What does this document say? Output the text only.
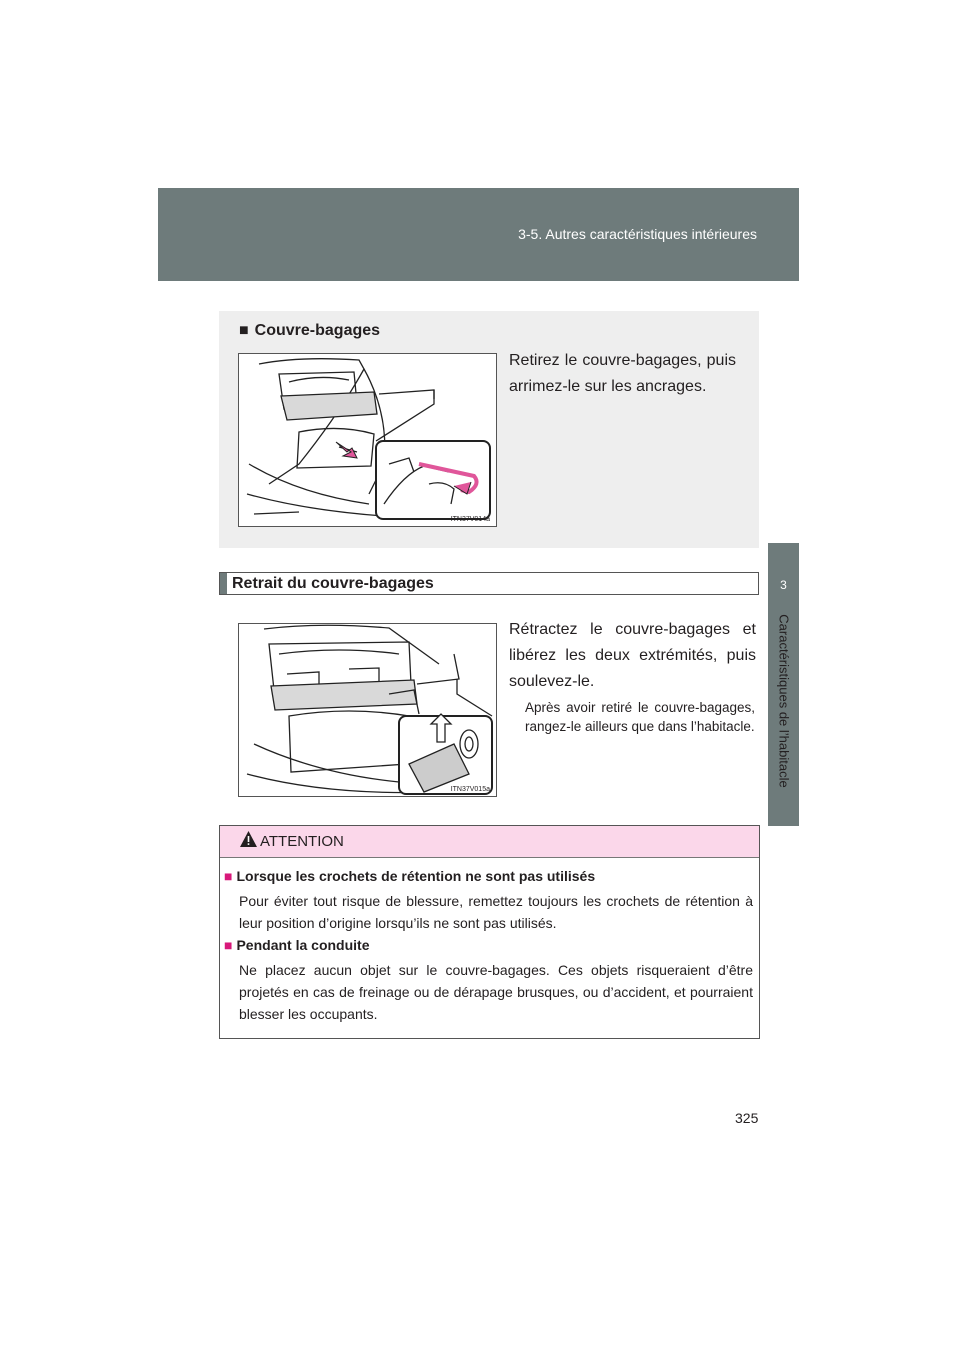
3-5. Autres caractéristiques intérieures
3
Caractéristiques de l’habitacle
■ Couvre-bagages
Retirez le couvre-bagages, puis arrimez-le sur les ancrages.
ITN37V014a
Retrait du couvre-bagages
ITN37V015a
Rétractez le couvre-bagages et libérez les deux extrémités, puis soulevez-le.
Après avoir retiré le couvre-bagages, rangez-le ailleurs que dans l’habitacle.
ATTENTION
■ Lorsque les crochets de rétention ne sont pas utilisés
Pour éviter tout risque de blessure, remettez toujours les crochets de rétention à leur position d’origine lorsqu’ils ne sont pas utilisés.
■ Pendant la conduite
Ne placez aucun objet sur le couvre-bagages. Ces objets risqueraient d’être projetés en cas de freinage ou de dérapage brusques, ou d’accident, et pourraient blesser les occupants.
325
